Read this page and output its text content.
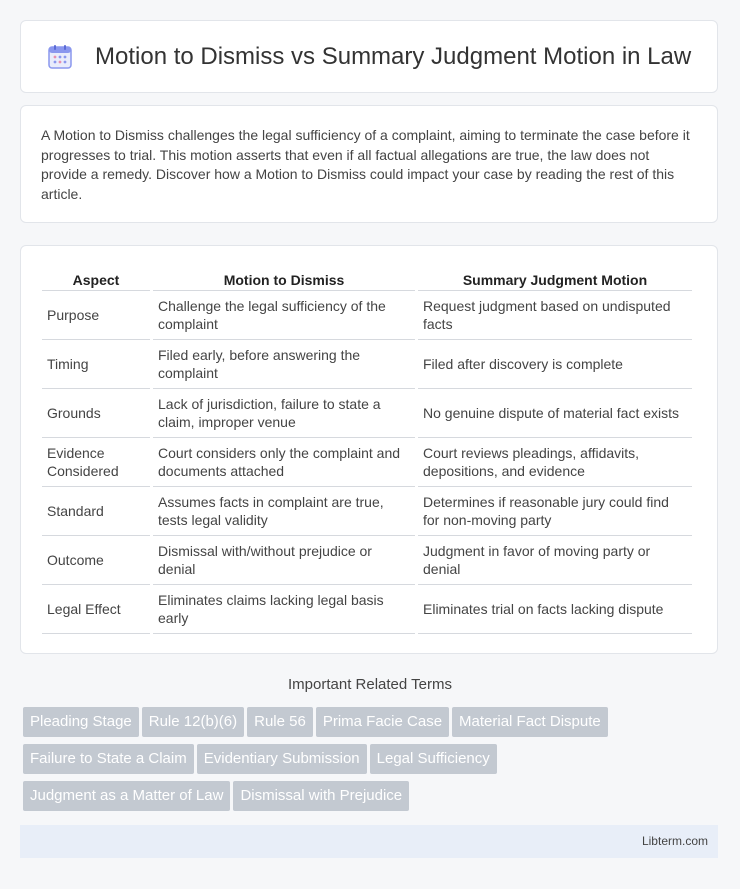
Motion to Dismiss vs Summary Judgment Motion in Law

A Motion to Dismiss challenges the legal sufficiency of a complaint, aiming to terminate the case before it progresses to trial. This motion asserts that even if all factual allegations are true, the law does not provide a remedy. Discover how a Motion to Dismiss could impact your case by reading the rest of this article.

Aspect	Motion to Dismiss	Summary Judgment Motion
Purpose	Challenge the legal sufficiency of the complaint	Request judgment based on undisputed facts
Timing	Filed early, before answering the complaint	Filed after discovery is complete
Grounds	Lack of jurisdiction, failure to state a claim, improper venue	No genuine dispute of material fact exists
Evidence Considered	Court considers only the complaint and documents attached	Court reviews pleadings, affidavits, depositions, and evidence
Standard	Assumes facts in complaint are true, tests legal validity	Determines if reasonable jury could find for non-moving party
Outcome	Dismissal with/without prejudice or denial	Judgment in favor of moving party or denial
Legal Effect	Eliminates claims lacking legal basis early	Eliminates trial on facts lacking dispute
Important Related Terms
Pleading Stage Rule 12(b)(6) Rule 56 Prima Facie Case Material Fact Dispute
Failure to State a Claim Evidentiary Submission Legal Sufficiency
Judgment as a Matter of Law Dismissal with Prejudice
Libterm.com
